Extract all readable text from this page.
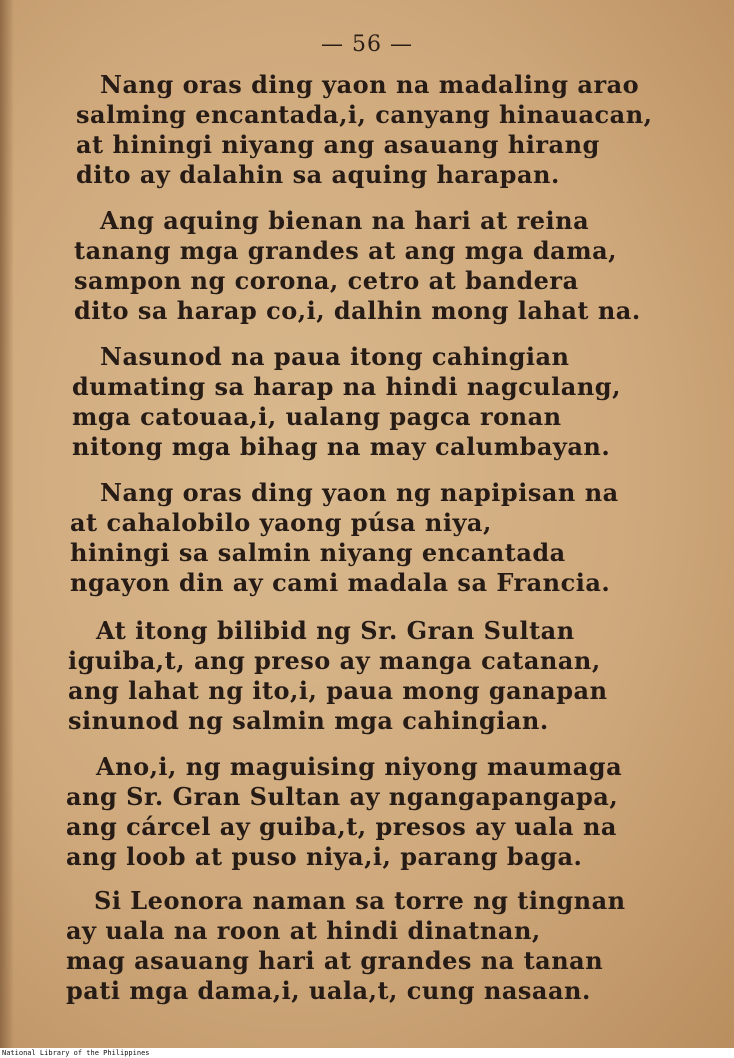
— 56 —
Nang oras ding yaon na madaling arao
salming encantada,i, canyang hinauacan,
at hiningi niyang ang asauang hirang
dito ay dalahin sa aquing harapan.
Ang aquing bienan na hari at reina
tanang mga grandes at ang mga dama,
sampon ng corona, cetro at bandera
dito sa harap co,i, dalhin mong lahat na.
Nasunod na paua itong cahingian
dumating sa harap na hindi nagculang,
mga catouaa,i, ualang pagca ronan
nitong mga bihag na may calumbayan.
Nang oras ding yaon ng napipisan na
at cahalobilo yaong púsa niya,
hiningi sa salmin niyang encantada
ngayon din ay cami madala sa Francia.
At itong bilibid ng Sr. Gran Sultan
iguiba,t, ang preso ay manga catanan,
ang lahat ng ito,i, paua mong ganapan
sinunod ng salmin mga cahingian.
Ano,i, ng maguising niyong maumaga
ang Sr. Gran Sultan ay ngangapangapa,
ang cárcel ay guiba,t, presos ay uala na
ang loob at puso niya,i, parang baga.
Si Leonora naman sa torre ng tingnan
ay uala na roon at hindi dinatnan,
mag asauang hari at grandes na tanan
pati mga dama,i, uala,t, cung nasaan.
National Library of the Philippines
